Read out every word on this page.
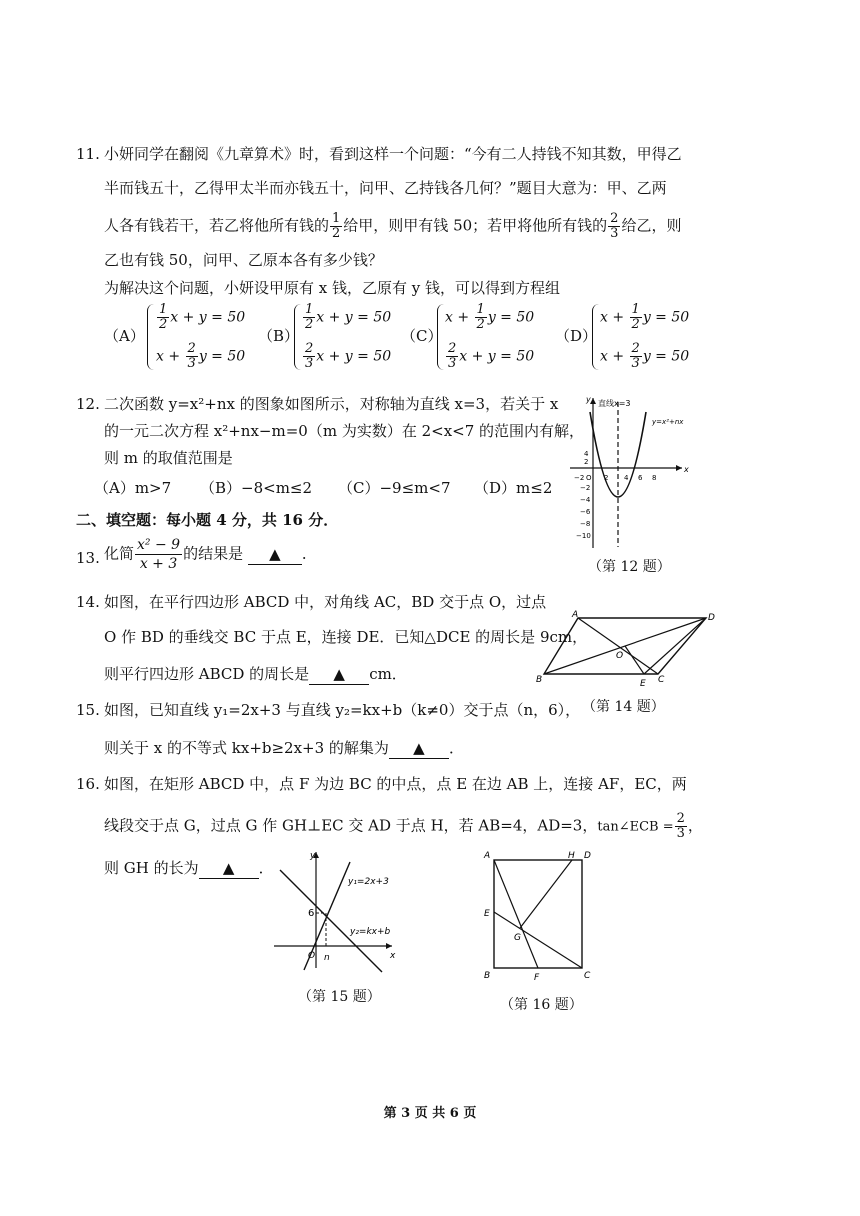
11. 小妍同学在翻阅《九章算术》时，看到这样一个问题：“今有二人持钱不知其数，甲得乙
半而钱五十，乙得甲太半而亦钱五十，问甲、乙持钱各几何？”题目大意为：甲、乙两
人各有钱若干，若乙将他所有钱的 $\frac{1}{2}$ 给甲，则甲有钱 50；若甲将他所有钱的 $\frac{2}{3}$ 给乙，则
乙也有钱 50，问甲、乙原本各有多少钱？
为解决这个问题，小妍设甲原有 x 钱，乙原有 y 钱，可以得到方程组
（A）
$\frac{1}{2}$ x + y = 50
$x + \frac{2}{3}$ y = 50
（B）
$\frac{1}{2}$ x + y = 50
$\frac{2}{3}$ x + y = 50
（C）
$x + \frac{1}{2}$ y = 50
$\frac{2}{3}$ x + y = 50
（D）
$x + \frac{1}{2}$ y = 50
$x + \frac{2}{3}$ y = 50
12. 二次函数 y=x²+nx 的图象如图所示，对称轴为直线 x=3，若关于 x
的一元二次方程 x²+nx−m=0（m 为实数）在 2<x<7 的范围内有解，
则 m 的取值范围是
（A）m>7 （B）−8<m≤2 （C）−9≤m<7 （D）m≤2
直线x=3
y=x²+nx
y
x
−2 O 2 4 6 8
4
2
−2
−4
−6
−8
−10
（第 12 题）
二、填空题：每小题 4 分，共 16 分．
13. 化简 $\frac{\text{x² − 9}}{x + 3}$ 的结果是 ▲ ．
14. 如图，在平行四边形 ABCD 中，对角线 AC，BD 交于点 O，过点
O 作 BD 的垂线交 BC 于点 E，连接 DE．已知△DCE 的周长是 9cm，
则平行四边形 ABCD 的周长是 ▲ cm．
A
B	C
D
O
E
（第 14 题）
15. 如图，已知直线 y₁=2x+3 与直线 y₂=kx+b（k≠0）交于点（n，6），
则关于 x 的不等式 kx+b≥2x+3 的解集为 ▲ ．
16. 如图，在矩形 ABCD 中，点 F 为边 BC 的中点，点 E 在边 AB 上，连接 AF，EC，两
线段交于点 G，过点 G 作 GH⊥EC 交 AD 于点 H，若 AB=4，AD=3，tan∠ECB = $\frac{2}{3}$ ，
则 GH 的长为 ▲ ．
y₁=2x+3
y₂=kx+b
y
x
6
O n
（第 15 题）
A	H D
E
G
B	F	C
（第 16 题）
第 3 页 共 6 页
